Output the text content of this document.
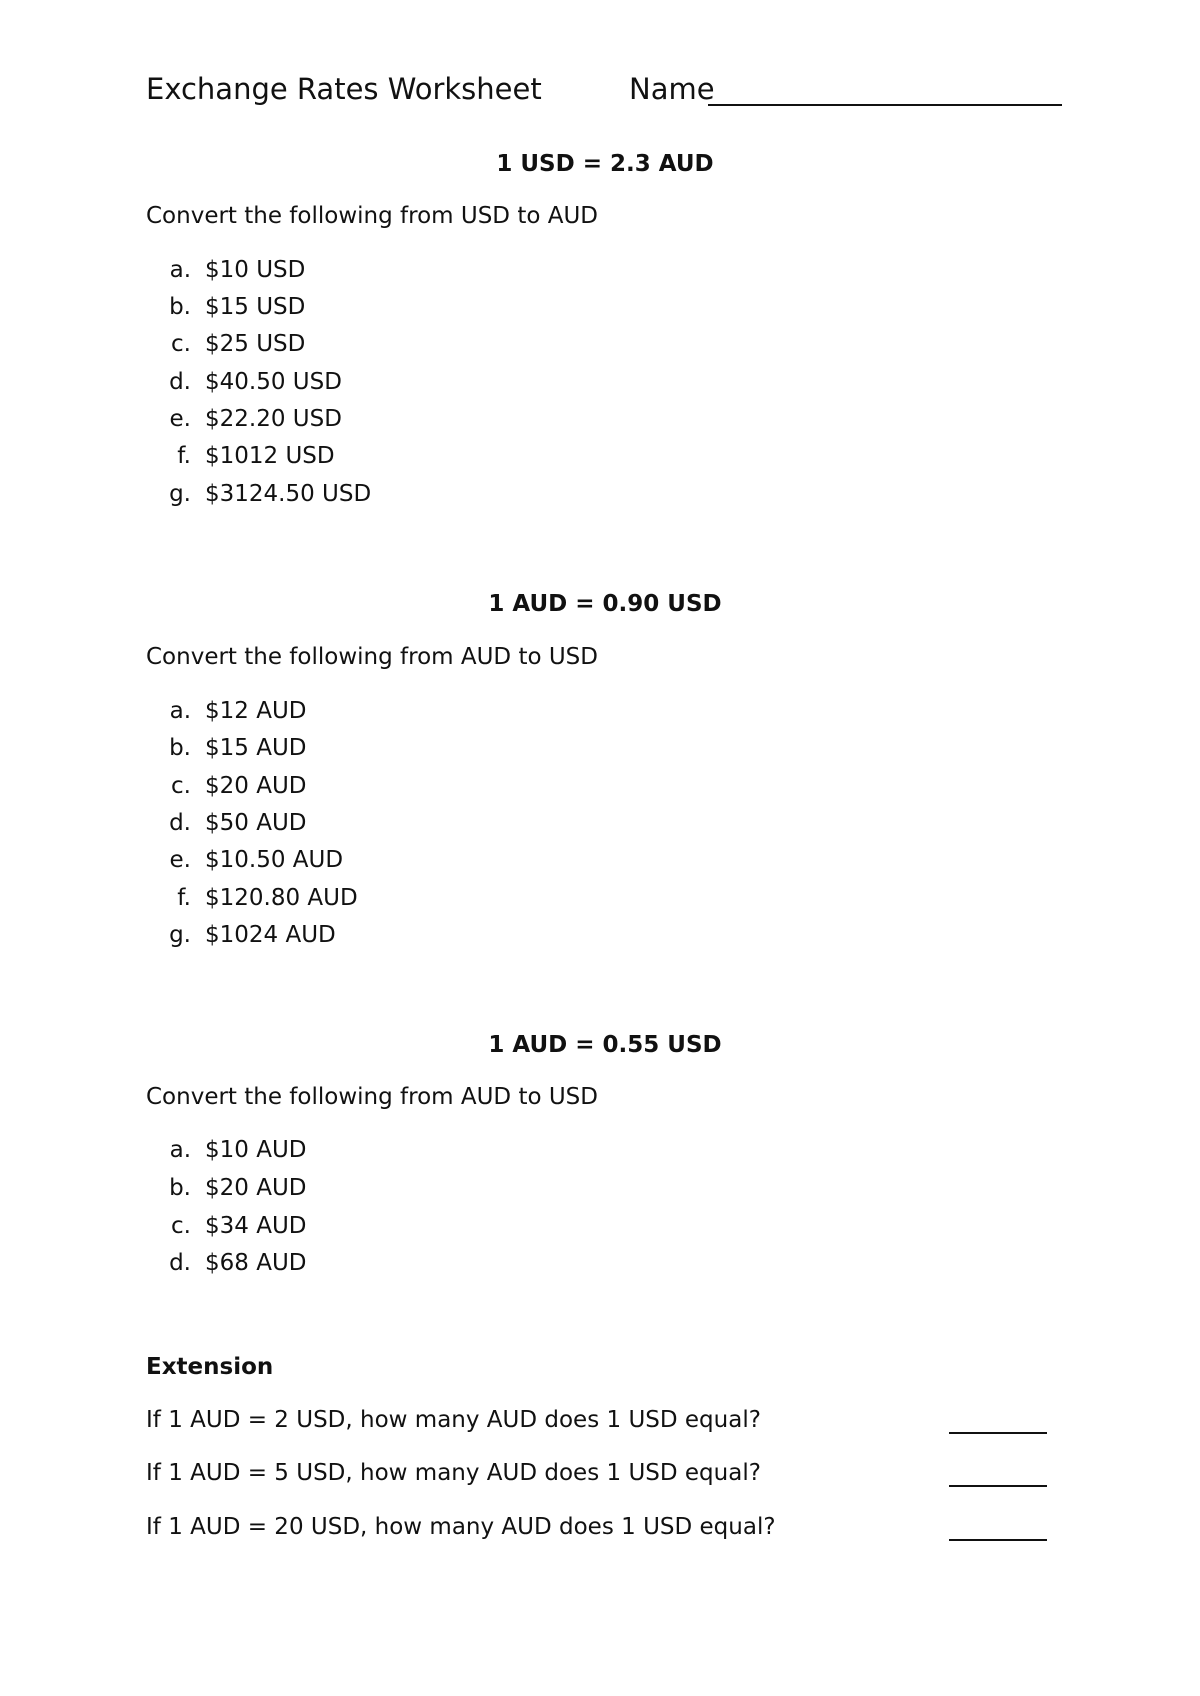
Exchange Rates Worksheet	Name
1 USD = 2.3 AUD
Convert the following from USD to AUD
a. $10 USD
b. $15 USD
c. $25 USD
d. $40.50 USD
e. $22.20 USD
f. $1012 USD
g. $3124.50 USD
1 AUD = 0.90 USD
Convert the following from AUD to USD
a. $12 AUD
b. $15 AUD
c. $20 AUD
d. $50 AUD
e. $10.50 AUD
f. $120.80 AUD
g. $1024 AUD
1 AUD = 0.55 USD
Convert the following from AUD to USD
a. $10 AUD
b. $20 AUD
c. $34 AUD
d. $68 AUD
Extension
If 1 AUD = 2 USD, how many AUD does 1 USD equal?
If 1 AUD = 5 USD, how many AUD does 1 USD equal?
If 1 AUD = 20 USD, how many AUD does 1 USD equal?
